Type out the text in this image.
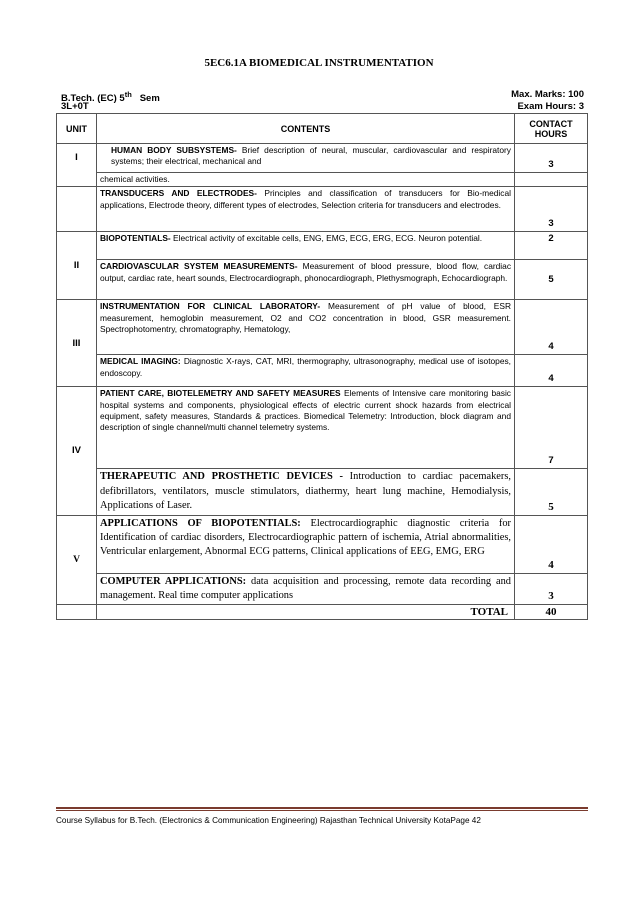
5EC6.1A BIOMEDICAL INSTRUMENTATION
B.Tech. (EC) 5th Sem
3L+0T
Max. Marks: 100
Exam Hours: 3
UNIT	CONTENTS	CONTACT HOURS
I	HUMAN BODY SUBSYSTEMS- Brief description of neural, muscular, cardiovascular and respiratory systems; their electrical, mechanical and	3
	chemical activities.	
	TRANSDUCERS AND ELECTRODES- Principles and classification of transducers for Bio-medical applications, Electrode theory, different types of electrodes, Selection criteria for transducers and electrodes.	3
II	BIOPOTENTIALS- Electrical activity of excitable cells, ENG, EMG, ECG, ERG, ECG. Neuron potential.	2
	CARDIOVASCULAR SYSTEM MEASUREMENTS- Measurement of blood pressure, blood flow, cardiac output, cardiac rate, heart sounds, Electrocardiograph, phonocardiograph, Plethysmograph, Echocardiograph.	5
III	INSTRUMENTATION FOR CLINICAL LABORATORY- Measurement of pH value of blood, ESR measurement, hemoglobin measurement, O2 and CO2 concentration in blood, GSR measurement. Spectrophotomentry, chromatography, Hematology,	4
	MEDICAL IMAGING: Diagnostic X-rays, CAT, MRI, thermography, ultrasonography, medical use of isotopes, endoscopy.	4
IV	PATIENT CARE, BIOTELEMETRY AND SAFETY MEASURES Elements of Intensive care monitoring basic hospital systems and components, physiological effects of electric current shock hazards from electrical equipment, safety measures, Standards & practices. Biomedical Telemetry: Introduction, block diagram and description of single channel/multi channel telemetry systems.	7
	THERAPEUTIC AND PROSTHETIC DEVICES - Introduction to cardiac pacemakers, defibrillators, ventilators, muscle stimulators, diathermy, heart lung machine, Hemodialysis, Applications of Laser.	5
V	APPLICATIONS OF BIOPOTENTIALS: Electrocardiographic diagnostic criteria for Identification of cardiac disorders, Electrocardiographic pattern of ischemia, Atrial abnormalities, Ventricular enlargement, Abnormal ECG patterns, Clinical applications of EEG, EMG, ERG	4
	COMPUTER APPLICATIONS: data acquisition and processing, remote data recording and management. Real time computer applications	3
	TOTAL	40
Course Syllabus for B.Tech. (Electronics & Communication Engineering) Rajasthan Technical University KotaPage 42
